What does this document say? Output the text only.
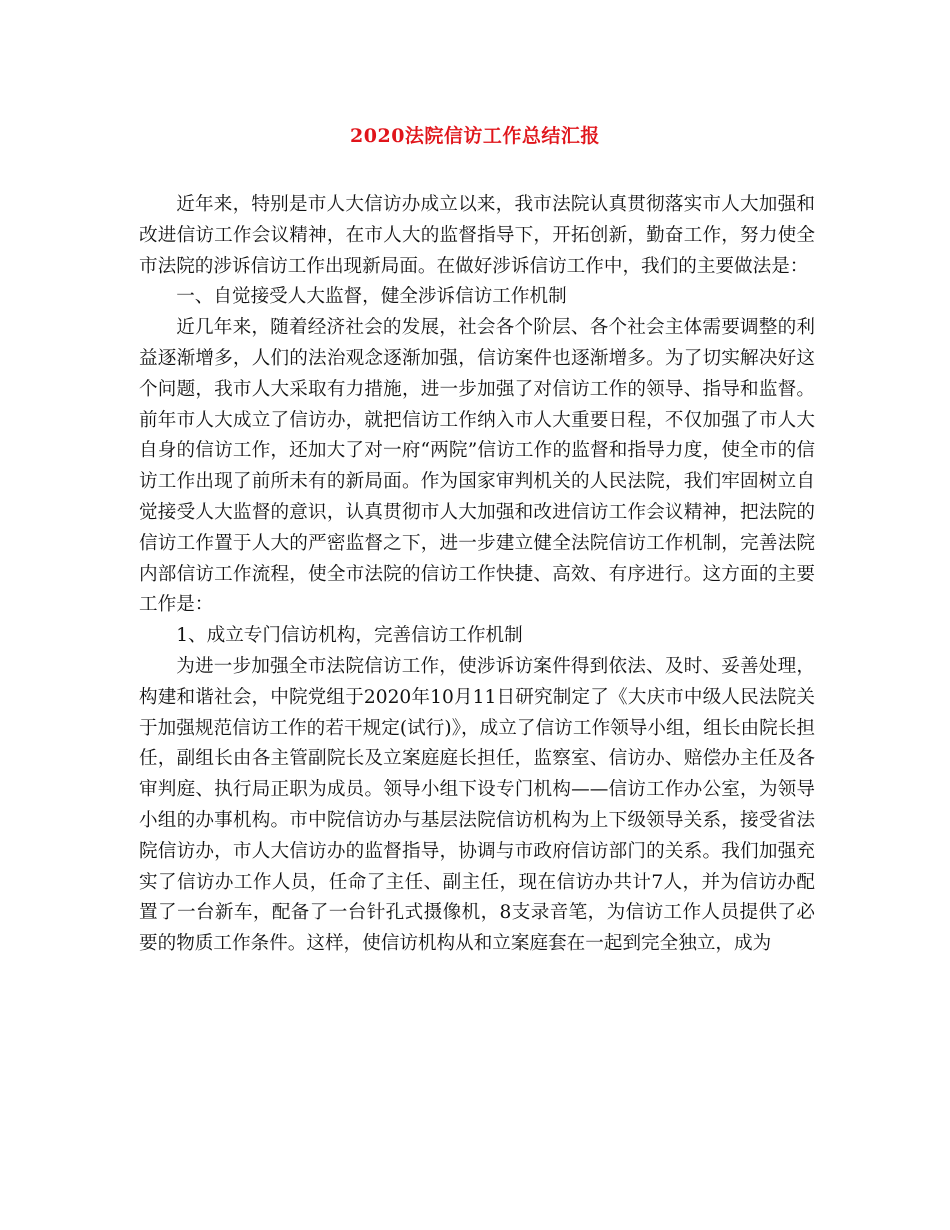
2020法院信访工作总结汇报

近年来，特别是市人大信访办成立以来，我市法院认真贯彻落实市人大加强和改进信访工作会议精神，在市人大的监督指导下，开拓创新，勤奋工作，努力使全市法院的涉诉信访工作出现新局面。在做好涉诉信访工作中，我们的主要做法是：

一、自觉接受人大监督，健全涉诉信访工作机制

近几年来，随着经济社会的发展，社会各个阶层、各个社会主体需要调整的利益逐渐增多，人们的法治观念逐渐加强，信访案件也逐渐增多。为了切实解决好这个问题，我市人大采取有力措施，进一步加强了对信访工作的领导、指导和监督。前年市人大成立了信访办，就把信访工作纳入市人大重要日程，不仅加强了市人大自身的信访工作，还加大了对一府“两院”信访工作的监督和指导力度，使全市的信访工作出现了前所未有的新局面。作为国家审判机关的人民法院，我们牢固树立自觉接受人大监督的意识，认真贯彻市人大加强和改进信访工作会议精神，把法院的信访工作置于人大的严密监督之下，进一步建立健全法院信访工作机制，完善法院内部信访工作流程，使全市法院的信访工作快捷、高效、有序进行。这方面的主要工作是：

1、成立专门信访机构，完善信访工作机制

为进一步加强全市法院信访工作，使涉诉访案件得到依法、及时、妥善处理，构建和谐社会，中院党组于2020年10月11日研究制定了《大庆市中级人民法院关于加强规范信访工作的若干规定(试行)》，成立了信访工作领导小组，组长由院长担任，副组长由各主管副院长及立案庭庭长担任，监察室、信访办、赔偿办主任及各审判庭、执行局正职为成员。领导小组下设专门机构——信访工作办公室，为领导小组的办事机构。市中院信访办与基层法院信访机构为上下级领导关系，接受省法院信访办，市人大信访办的监督指导，协调与市政府信访部门的关系。我们加强充实了信访办工作人员，任命了主任、副主任，现在信访办共计7人，并为信访办配置了一台新车，配备了一台针孔式摄像机，8支录音笔，为信访工作人员提供了必要的物质工作条件。这样，使信访机构从和立案庭套在一起到完全独立，成为
